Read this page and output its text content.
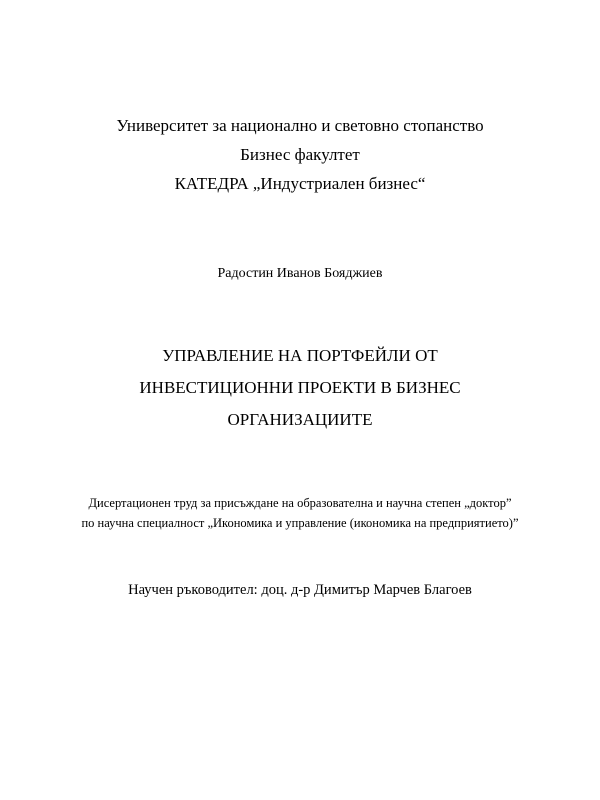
Университет за национално и световно стопанство
Бизнес факултет
КАТЕДРА „Индустриален бизнес“
Радостин Иванов Бояджиев
УПРАВЛЕНИЕ НА ПОРТФЕЙЛИ ОТ
ИНВЕСТИЦИОННИ ПРОЕКТИ В БИЗНЕС
ОРГАНИЗАЦИИТЕ
Дисертационен труд за присъждане на образователна и научна степен „доктор”
по научна специалност „Икономика и управление (икономика на предприятието)”
Научен ръководител: доц. д-р Димитър Марчев Благоев
